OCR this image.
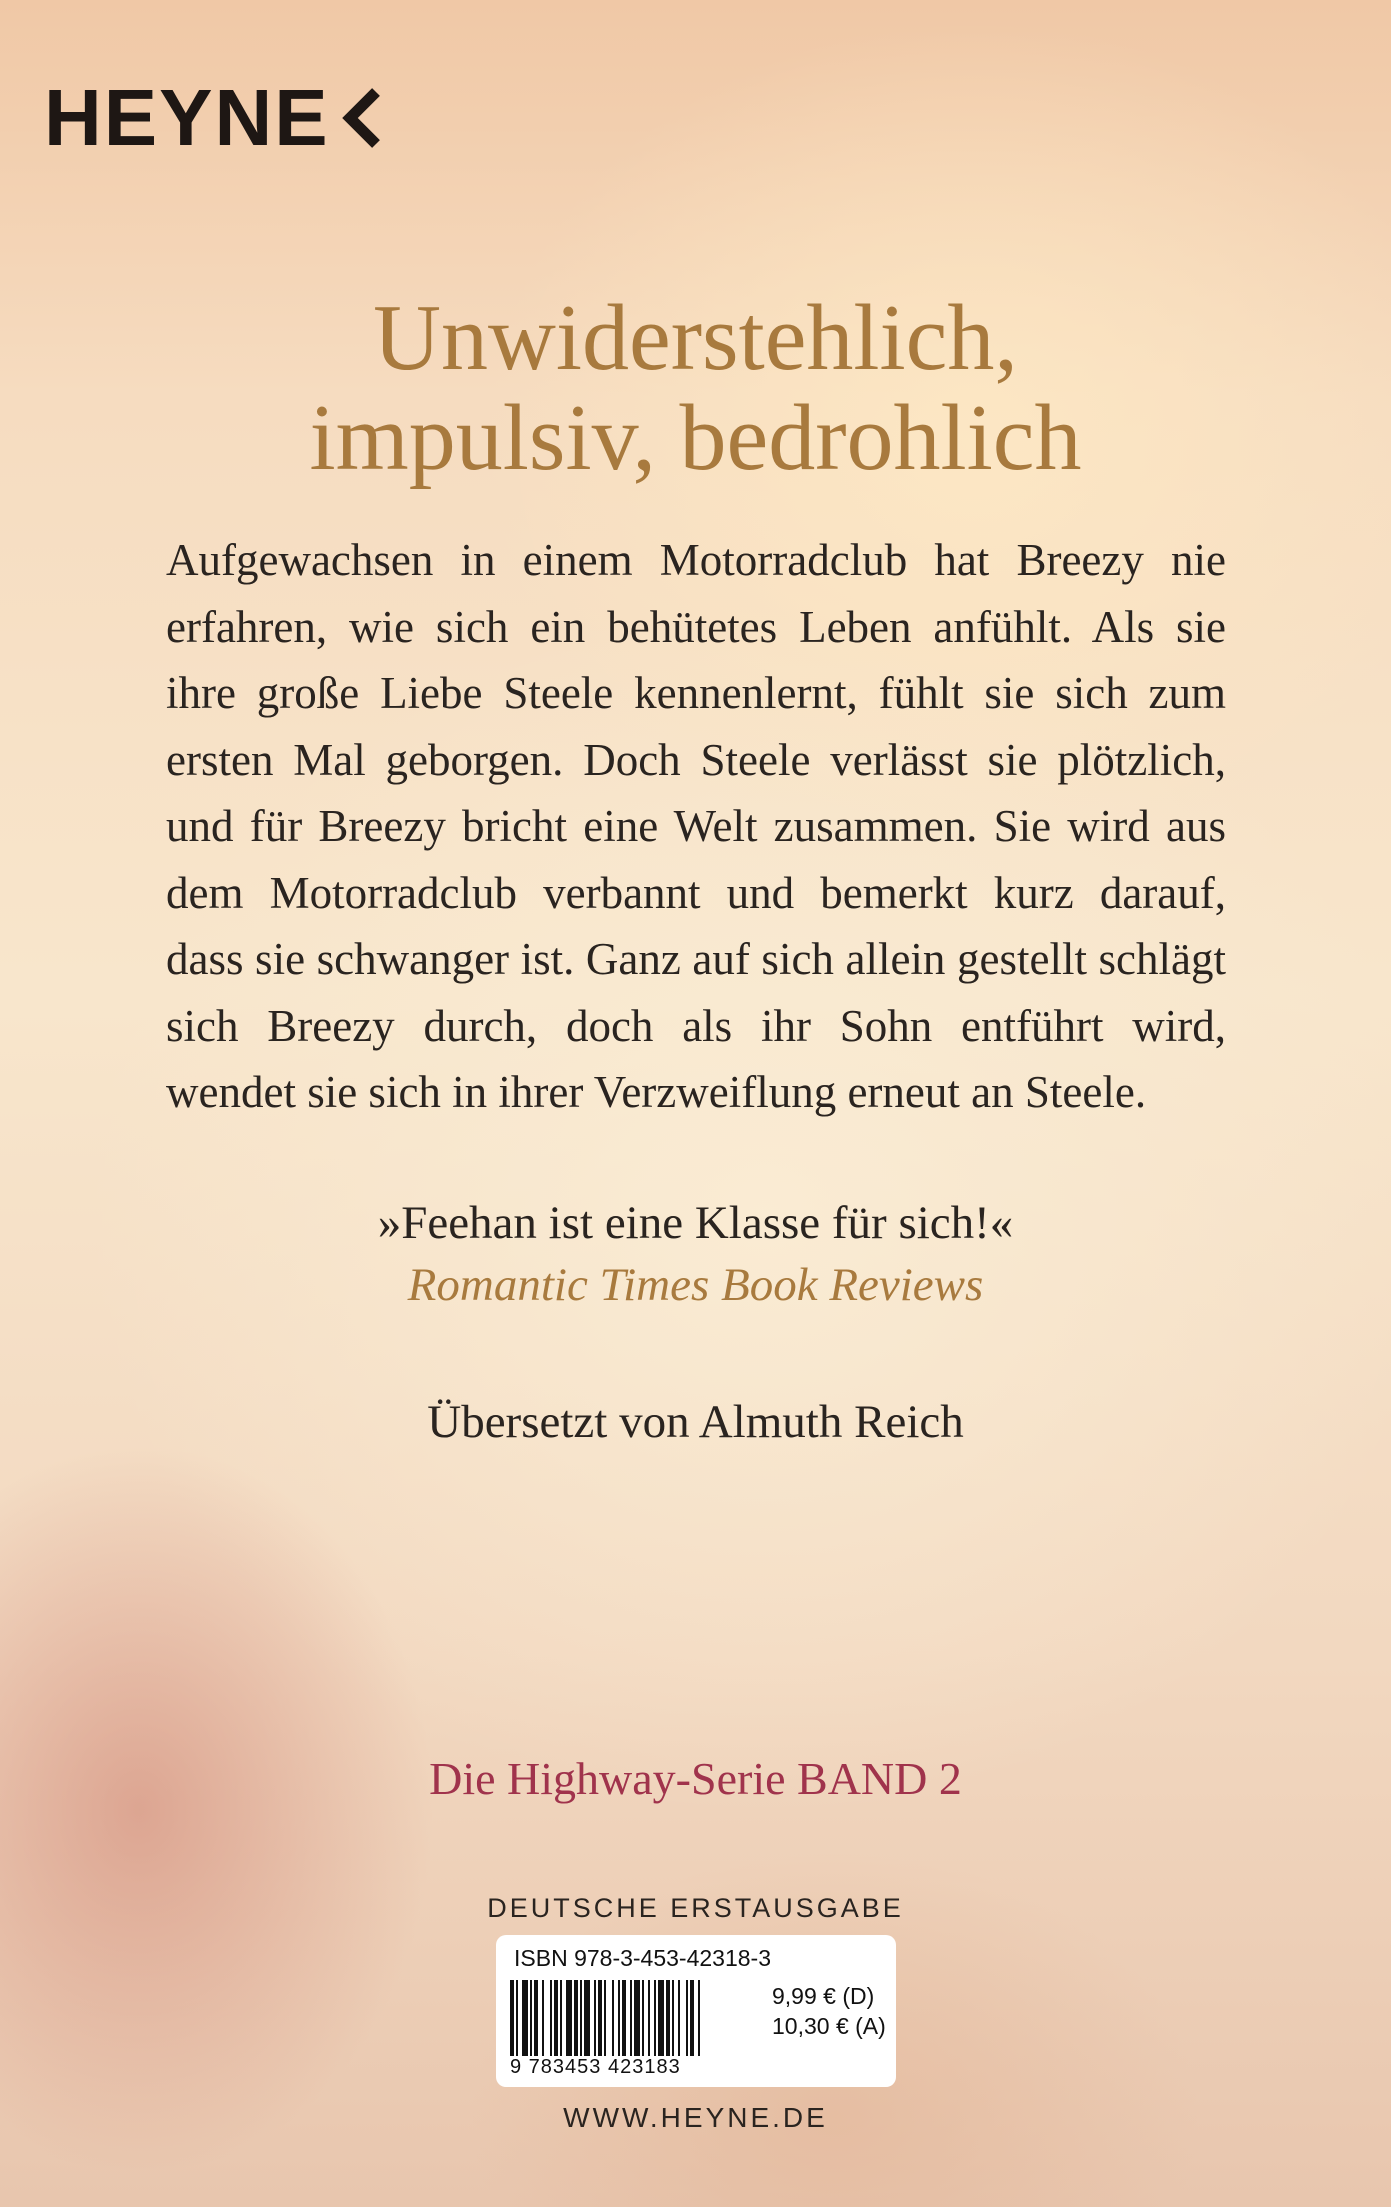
HEYNE
Unwiderstehlich,
impulsiv, bedrohlich
Aufgewachsen in einem Motorradclub hat Breezy nie
erfahren, wie sich ein behütetes Leben anfühlt. Als sie
ihre große Liebe Steele kennenlernt, fühlt sie sich zum
ersten Mal geborgen. Doch Steele verlässt sie plötzlich,
und für Breezy bricht eine Welt zusammen. Sie wird aus
dem Motorradclub verbannt und bemerkt kurz darauf,
dass sie schwanger ist. Ganz auf sich allein gestellt schlägt
sich Breezy durch, doch als ihr Sohn entführt wird,
wendet sie sich in ihrer Verzweiflung erneut an Steele.
»Feehan ist eine Klasse für sich!«
Romantic Times Book Reviews
Übersetzt von Almuth Reich
Die Highway-Serie BAND 2
DEUTSCHE ERSTAUSGABE
ISBN 978-3-453-42318-3
9 783453 423183
9,99 € (D)
10,30 € (A)
WWW.HEYNE.DE
